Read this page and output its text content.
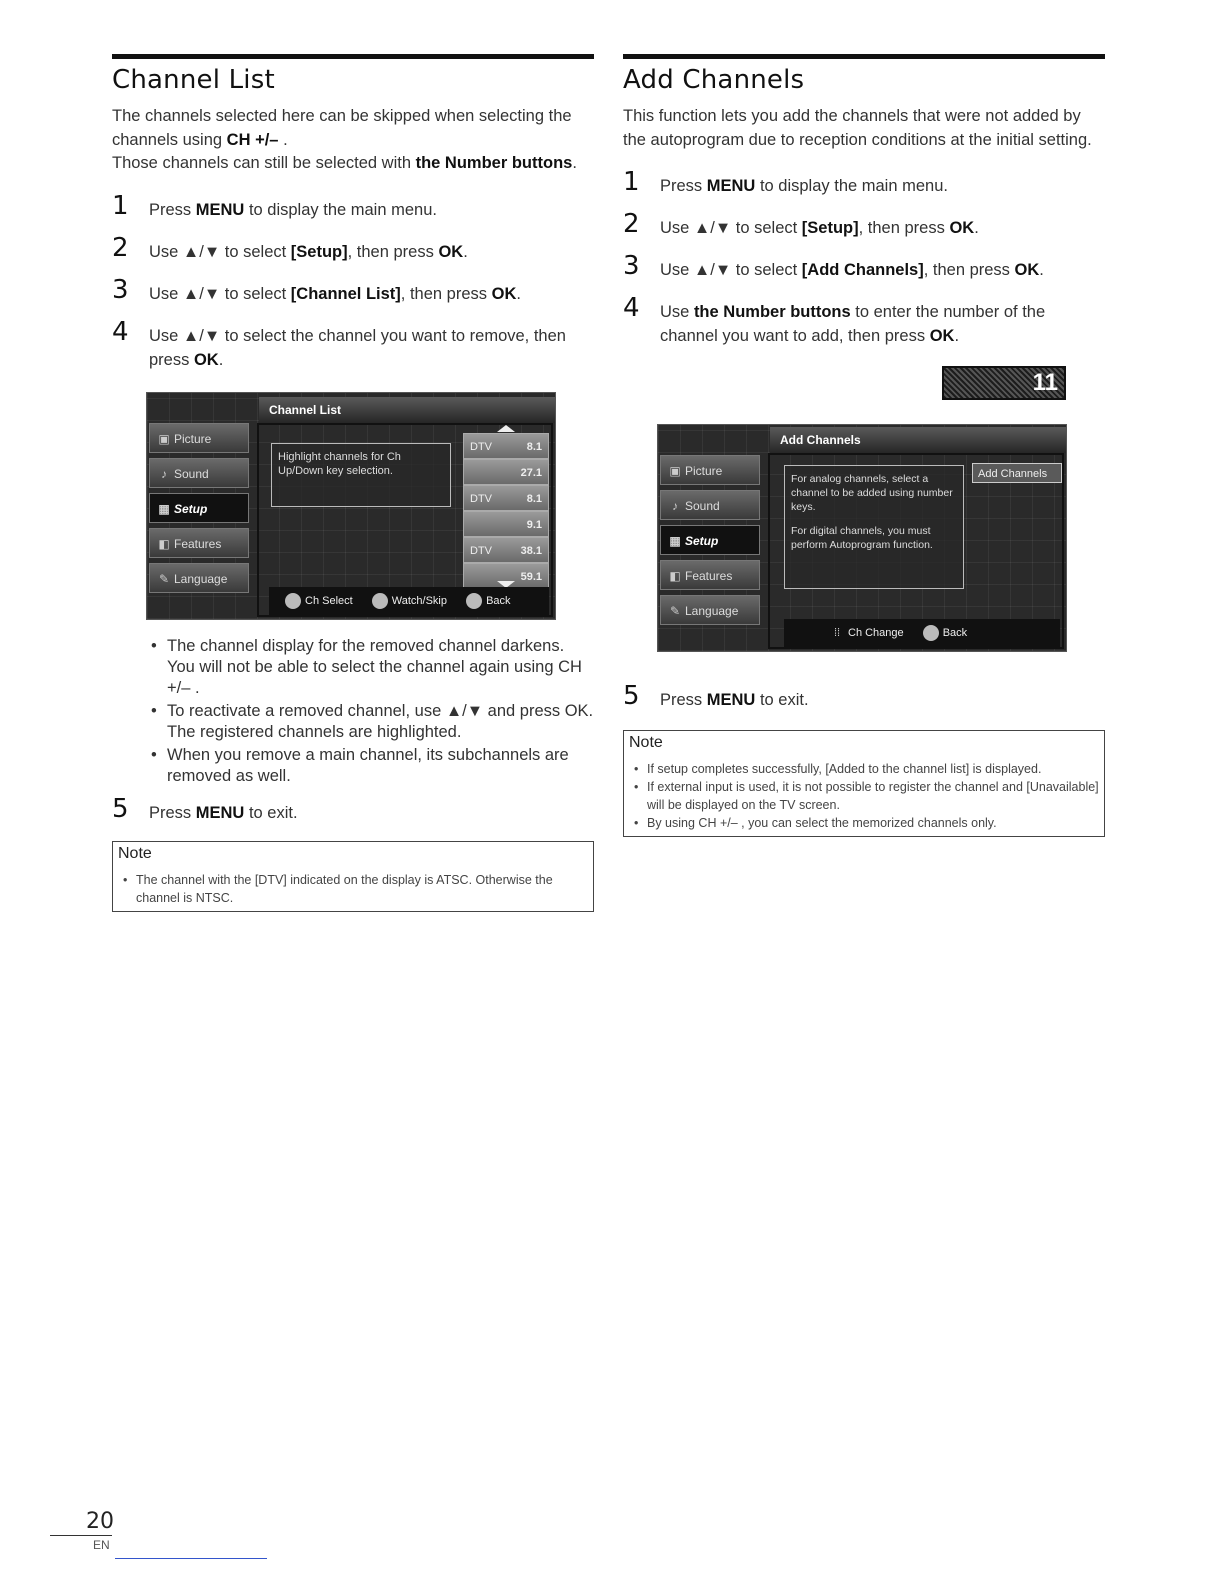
Channel List

The channels selected here can be skipped when selecting the channels using CH +/– .
Those channels can still be selected with the Number buttons.

1 Press MENU to display the main menu.
2 Use ▲/▼ to select [Setup], then press OK.
3 Use ▲/▼ to select [Channel List], then press OK.
4 Use ▲/▼ to select the channel you want to remove, then press OK.
▣ Picture
♪ Sound
▦ Setup
◧ Features
✎ Language
Channel List
Highlight channels for Ch Up/Down key selection.
DTV	8.1
27.1
DTV	8.1
9.1
DTV	38.1
59.1
Ch Select	Watch/Skip	Back
• The channel display for the removed channel darkens. You will not be able to select the channel again using CH +/– .
• To reactivate a removed channel, use ▲/▼ and press OK. The registered channels are highlighted.
• When you remove a main channel, its subchannels are removed as well.
5 Press MENU to exit.
Note
• The channel with the [DTV] indicated on the display is ATSC. Otherwise the channel is NTSC.
Add Channels

This function lets you add the channels that were not added by the autoprogram due to reception conditions at the initial setting.

1 Press MENU to display the main menu.
2 Use ▲/▼ to select [Setup], then press OK.
3 Use ▲/▼ to select [Add Channels], then press OK.
4 Use the Number buttons to enter the number of the channel you want to add, then press OK.
11
▣ Picture
♪ Sound
▦ Setup
◧ Features
✎ Language
Add Channels
For analog channels, select a channel to be added using number keys.
For digital channels, you must perform Autoprogram function.
Add Channels
⁞⁞ Ch Change	Back
5 Press MENU to exit.
Note
• If setup completes successfully, [Added to the channel list] is displayed.
• If external input is used, it is not possible to register the channel and [Unavailable] will be displayed on the TV screen.
• By using CH +/– , you can select the memorized channels only.
20
EN
